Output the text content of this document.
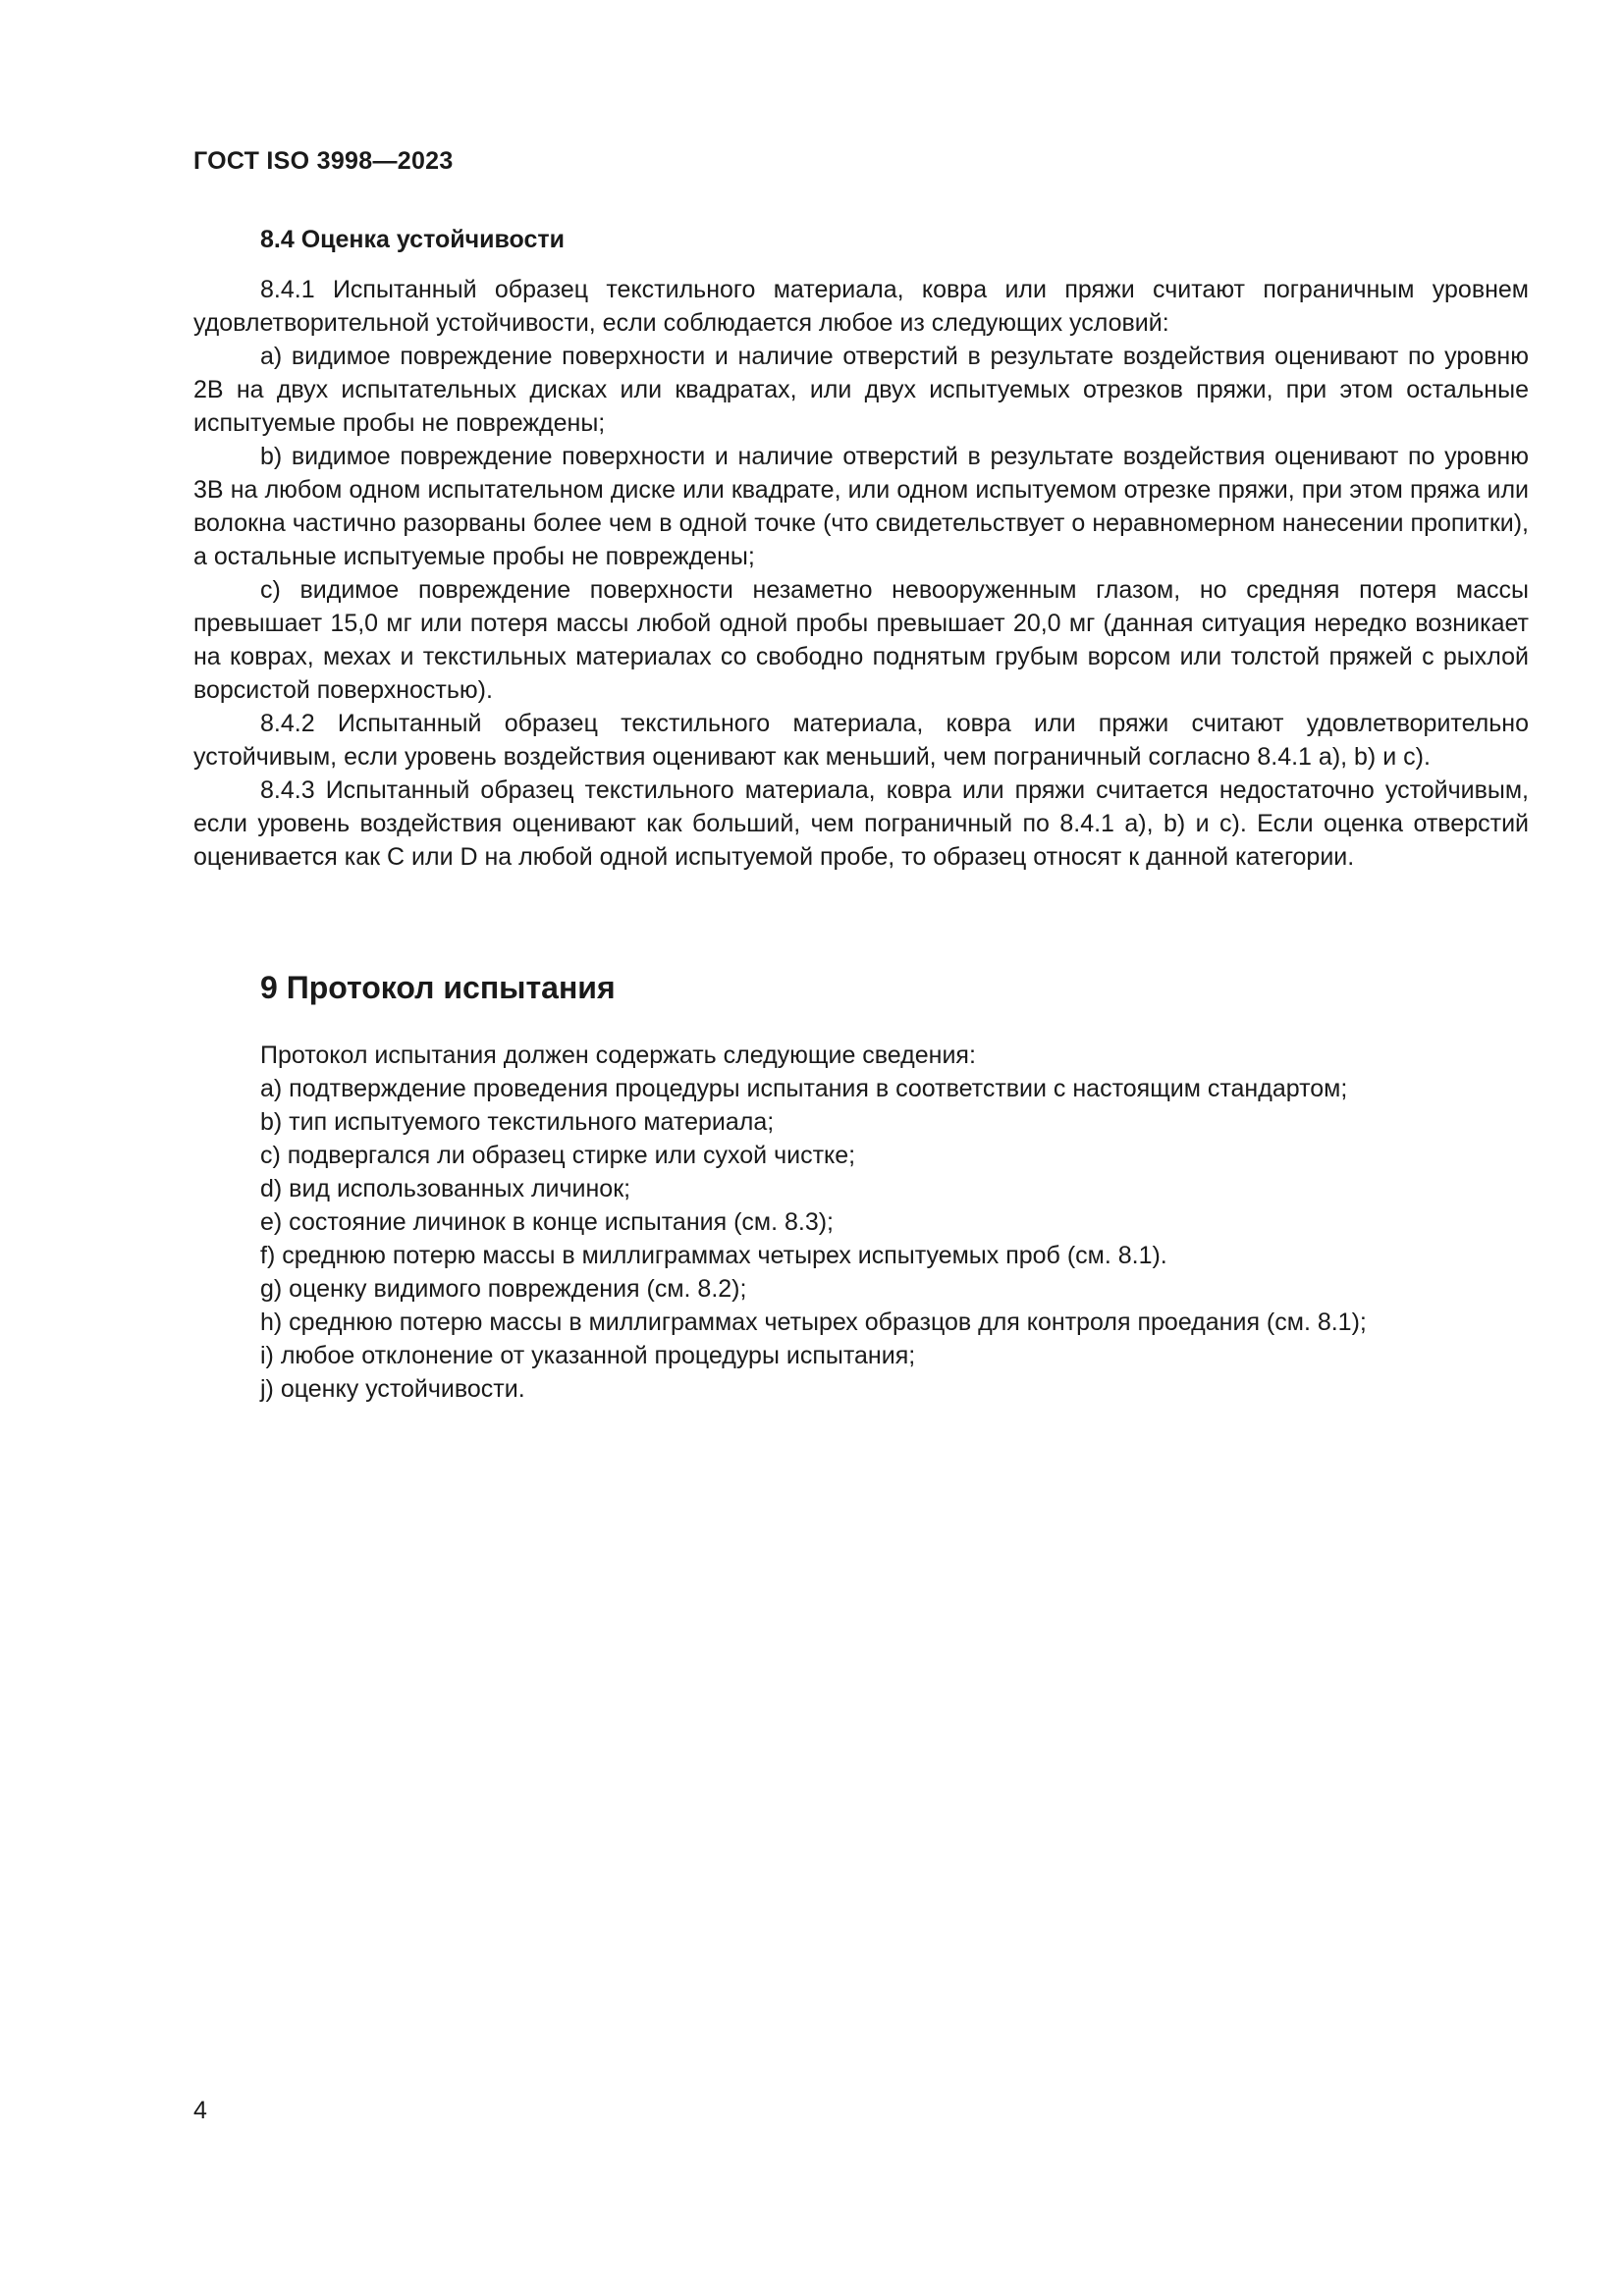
ГОСТ ISO 3998—2023
8.4 Оценка устойчивости

8.4.1 Испытанный образец текстильного материала, ковра или пряжи считают пограничным уровнем удовлетворительной устойчивости, если соблюдается любое из следующих условий:

a) видимое повреждение поверхности и наличие отверстий в результате воздействия оценивают по уровню 2B на двух испытательных дисках или квадратах, или двух испытуемых отрезков пряжи, при этом остальные испытуемые пробы не повреждены;

b) видимое повреждение поверхности и наличие отверстий в результате воздействия оценивают по уровню 3B на любом одном испытательном диске или квадрате, или одном испытуемом отрезке пряжи, при этом пряжа или волокна частично разорваны более чем в одной точке (что свидетельствует о неравномерном нанесении пропитки), а остальные испытуемые пробы не повреждены;

c) видимое повреждение поверхности незаметно невооруженным глазом, но средняя потеря массы превышает 15,0 мг или потеря массы любой одной пробы превышает 20,0 мг (данная ситуация нередко возникает на коврах, мехах и текстильных материалах со свободно поднятым грубым ворсом или толстой пряжей с рыхлой ворсистой поверхностью).

8.4.2 Испытанный образец текстильного материала, ковра или пряжи считают удовлетворительно устойчивым, если уровень воздействия оценивают как меньший, чем пограничный согласно 8.4.1 a), b) и c).

8.4.3 Испытанный образец текстильного материала, ковра или пряжи считается недостаточно устойчивым, если уровень воздействия оценивают как больший, чем пограничный по 8.4.1 a), b) и c). Если оценка отверстий оценивается как C или D на любой одной испытуемой пробе, то образец относят к данной категории.

9 Протокол испытания

Протокол испытания должен содержать следующие сведения:

a) подтверждение проведения процедуры испытания в соответствии с настоящим стандартом;
b) тип испытуемого текстильного материала;
c) подвергался ли образец стирке или сухой чистке;
d) вид использованных личинок;
e) состояние личинок в конце испытания (см. 8.3);
f) среднюю потерю массы в миллиграммах четырех испытуемых проб (см. 8.1).
g) оценку видимого повреждения (см. 8.2);
h) среднюю потерю массы в миллиграммах четырех образцов для контроля проедания (см. 8.1);
i) любое отклонение от указанной процедуры испытания;
j) оценку устойчивости.
4
